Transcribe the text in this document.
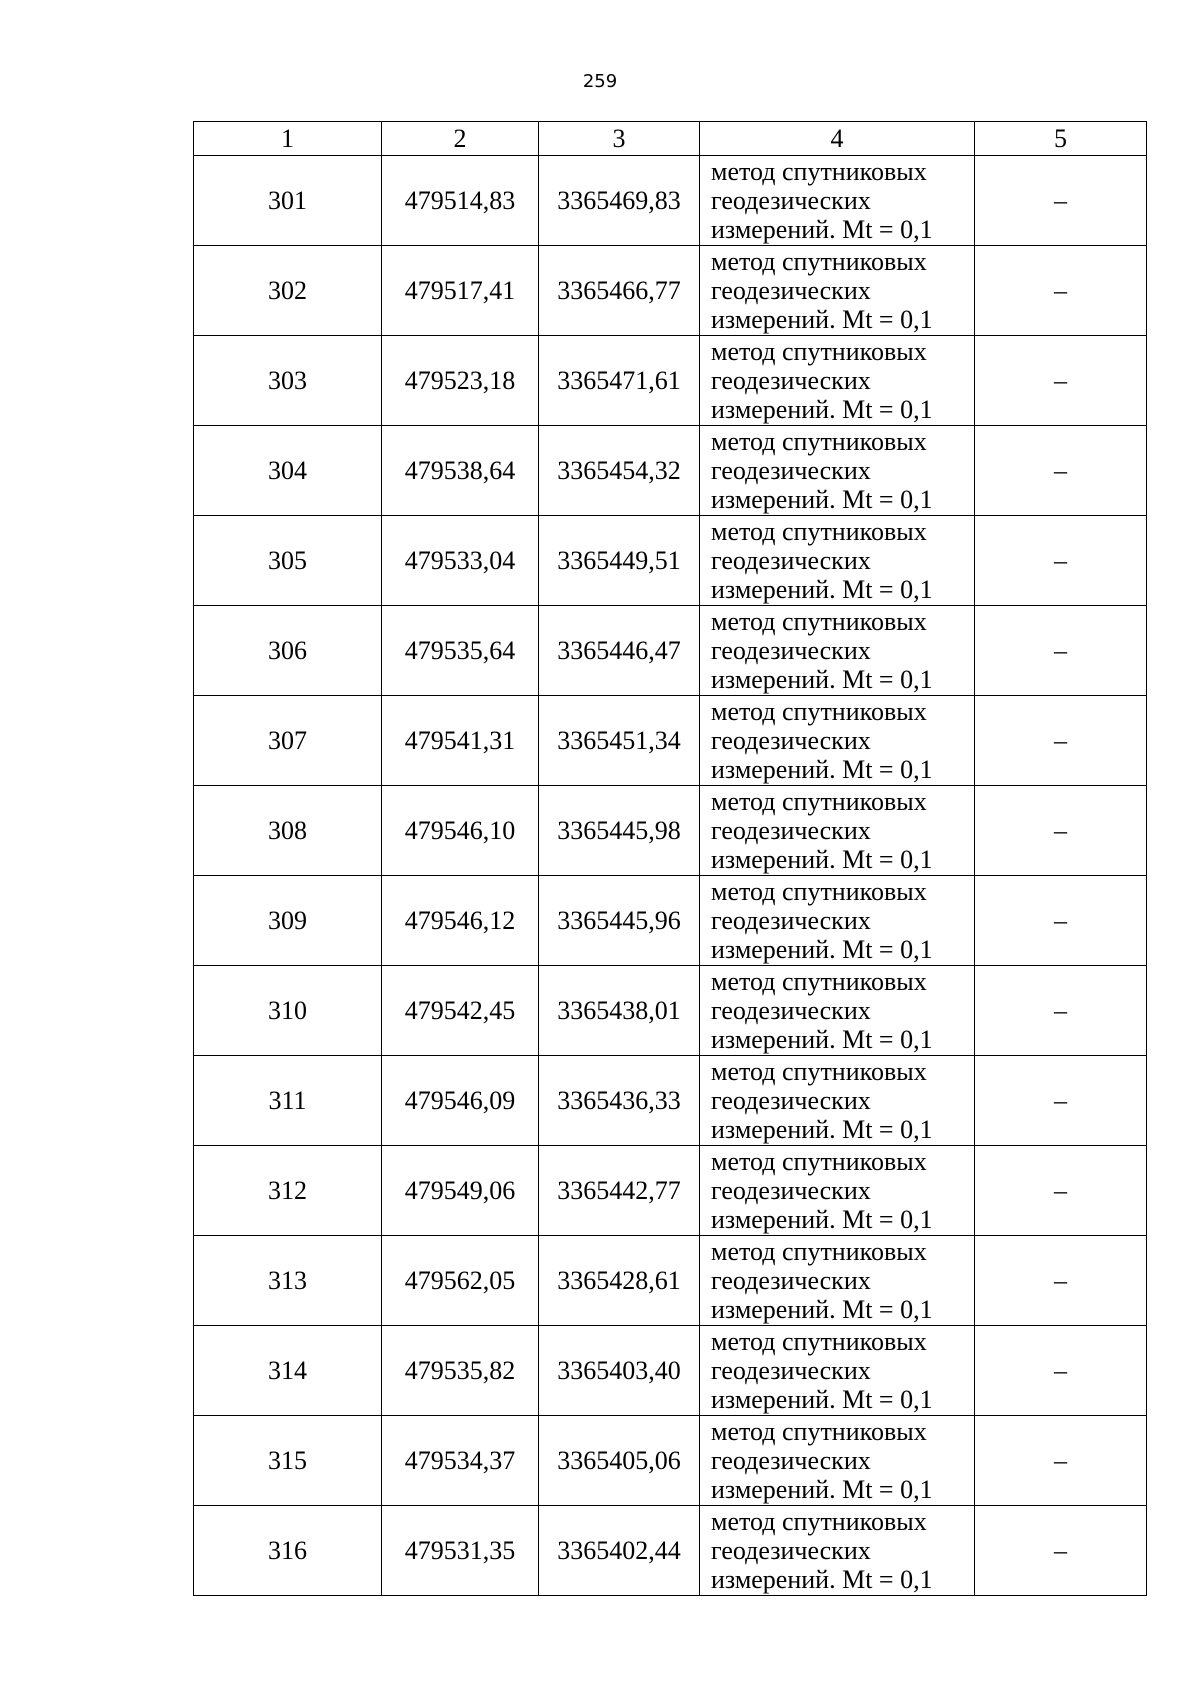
259
1	2	3	4	5
301	479514,83	3365469,83	метод спутниковых
геодезических
измерений. Mt = 0,1	–
302	479517,41	3365466,77	метод спутниковых
геодезических
измерений. Mt = 0,1	–
303	479523,18	3365471,61	метод спутниковых
геодезических
измерений. Mt = 0,1	–
304	479538,64	3365454,32	метод спутниковых
геодезических
измерений. Mt = 0,1	–
305	479533,04	3365449,51	метод спутниковых
геодезических
измерений. Mt = 0,1	–
306	479535,64	3365446,47	метод спутниковых
геодезических
измерений. Mt = 0,1	–
307	479541,31	3365451,34	метод спутниковых
геодезических
измерений. Mt = 0,1	–
308	479546,10	3365445,98	метод спутниковых
геодезических
измерений. Mt = 0,1	–
309	479546,12	3365445,96	метод спутниковых
геодезических
измерений. Mt = 0,1	–
310	479542,45	3365438,01	метод спутниковых
геодезических
измерений. Mt = 0,1	–
311	479546,09	3365436,33	метод спутниковых
геодезических
измерений. Mt = 0,1	–
312	479549,06	3365442,77	метод спутниковых
геодезических
измерений. Mt = 0,1	–
313	479562,05	3365428,61	метод спутниковых
геодезических
измерений. Mt = 0,1	–
314	479535,82	3365403,40	метод спутниковых
геодезических
измерений. Mt = 0,1	–
315	479534,37	3365405,06	метод спутниковых
геодезических
измерений. Mt = 0,1	–
316	479531,35	3365402,44	метод спутниковых
геодезических
измерений. Mt = 0,1	–
